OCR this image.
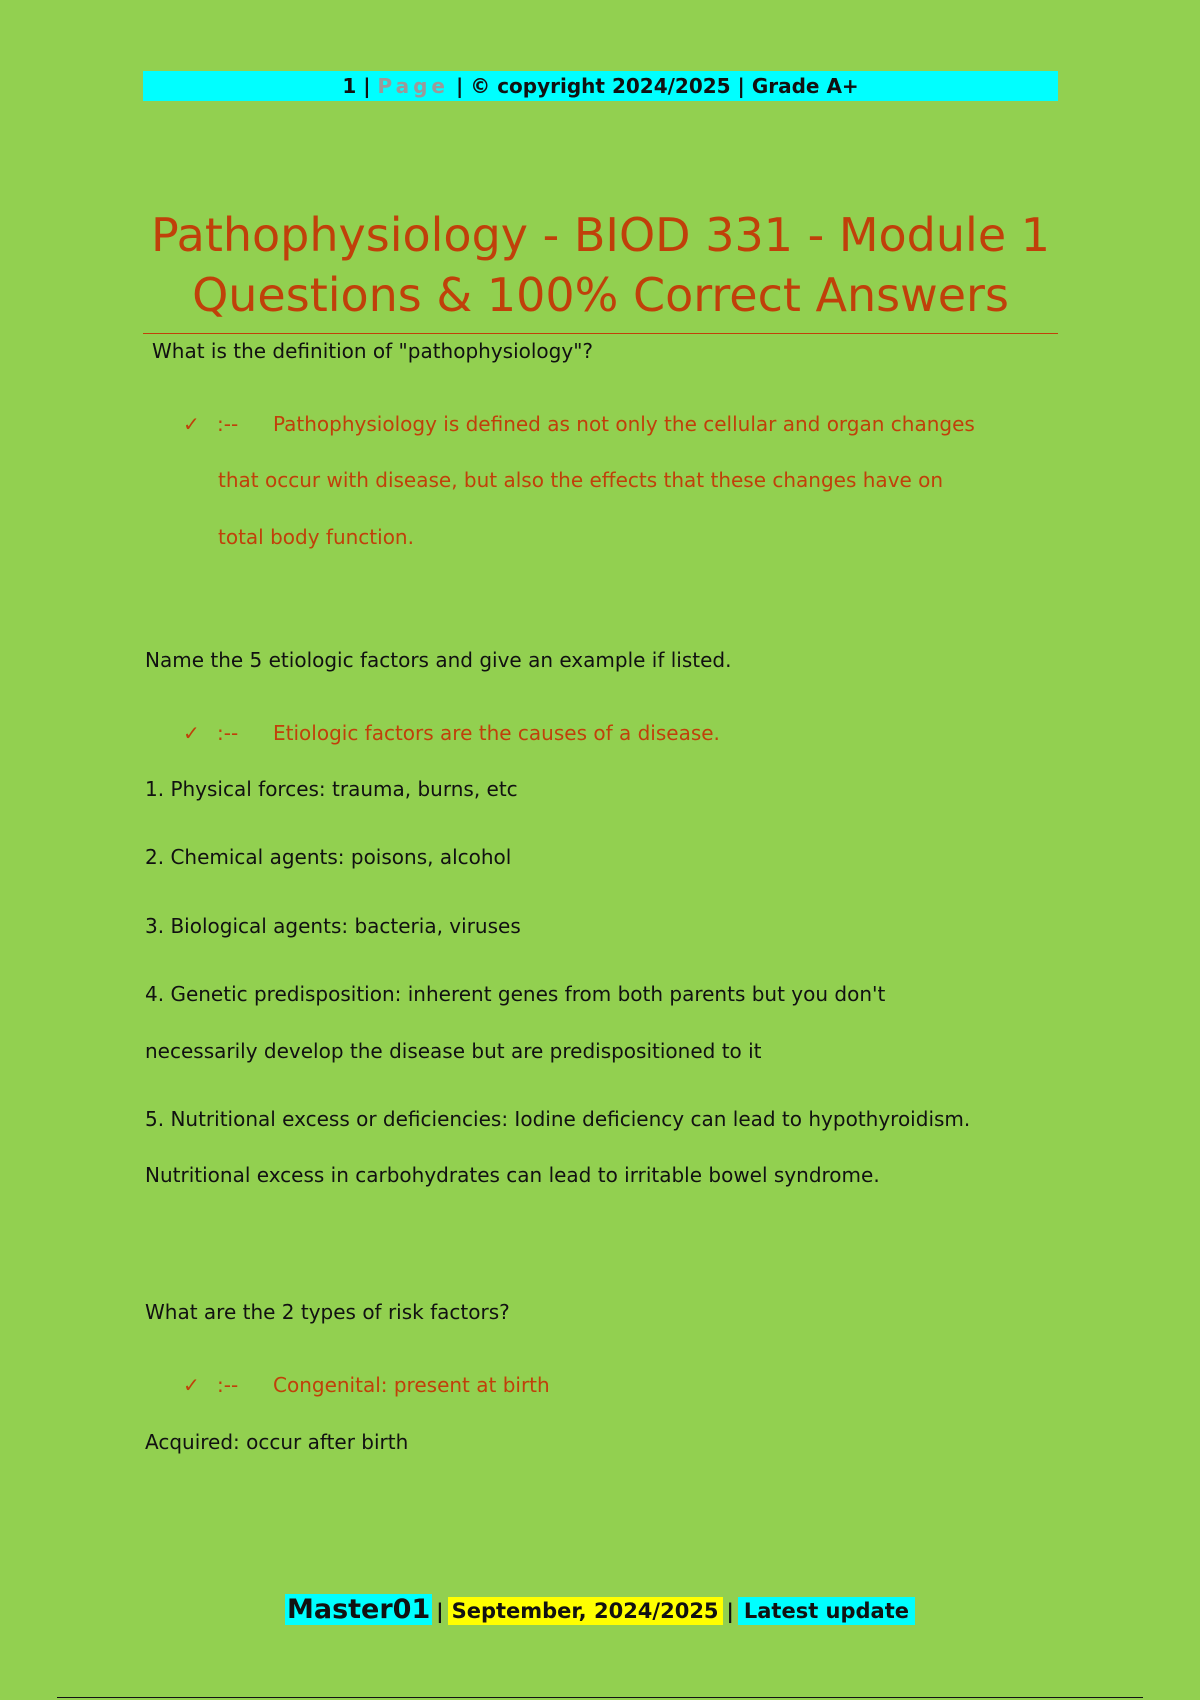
1 | Page | © copyright 2024/2025 | Grade A+
Pathophysiology - BIOD 331 - Module 1
Questions & 100% Correct Answers
What is the definition of "pathophysiology"?
✓ :-- Pathophysiology is defined as not only the cellular and organ changes
that occur with disease, but also the effects that these changes have on
total body function.
Name the 5 etiologic factors and give an example if listed.
✓ :-- Etiologic factors are the causes of a disease.
1. Physical forces: trauma, burns, etc
2. Chemical agents: poisons, alcohol
3. Biological agents: bacteria, viruses
4. Genetic predisposition: inherent genes from both parents but you don't
necessarily develop the disease but are predispositioned to it
5. Nutritional excess or deficiencies: Iodine deficiency can lead to hypothyroidism.
Nutritional excess in carbohydrates can lead to irritable bowel syndrome.
What are the 2 types of risk factors?
✓ :-- Congenital: present at birth
Acquired: occur after birth
Master01 | September, 2024/2025 | Latest update
